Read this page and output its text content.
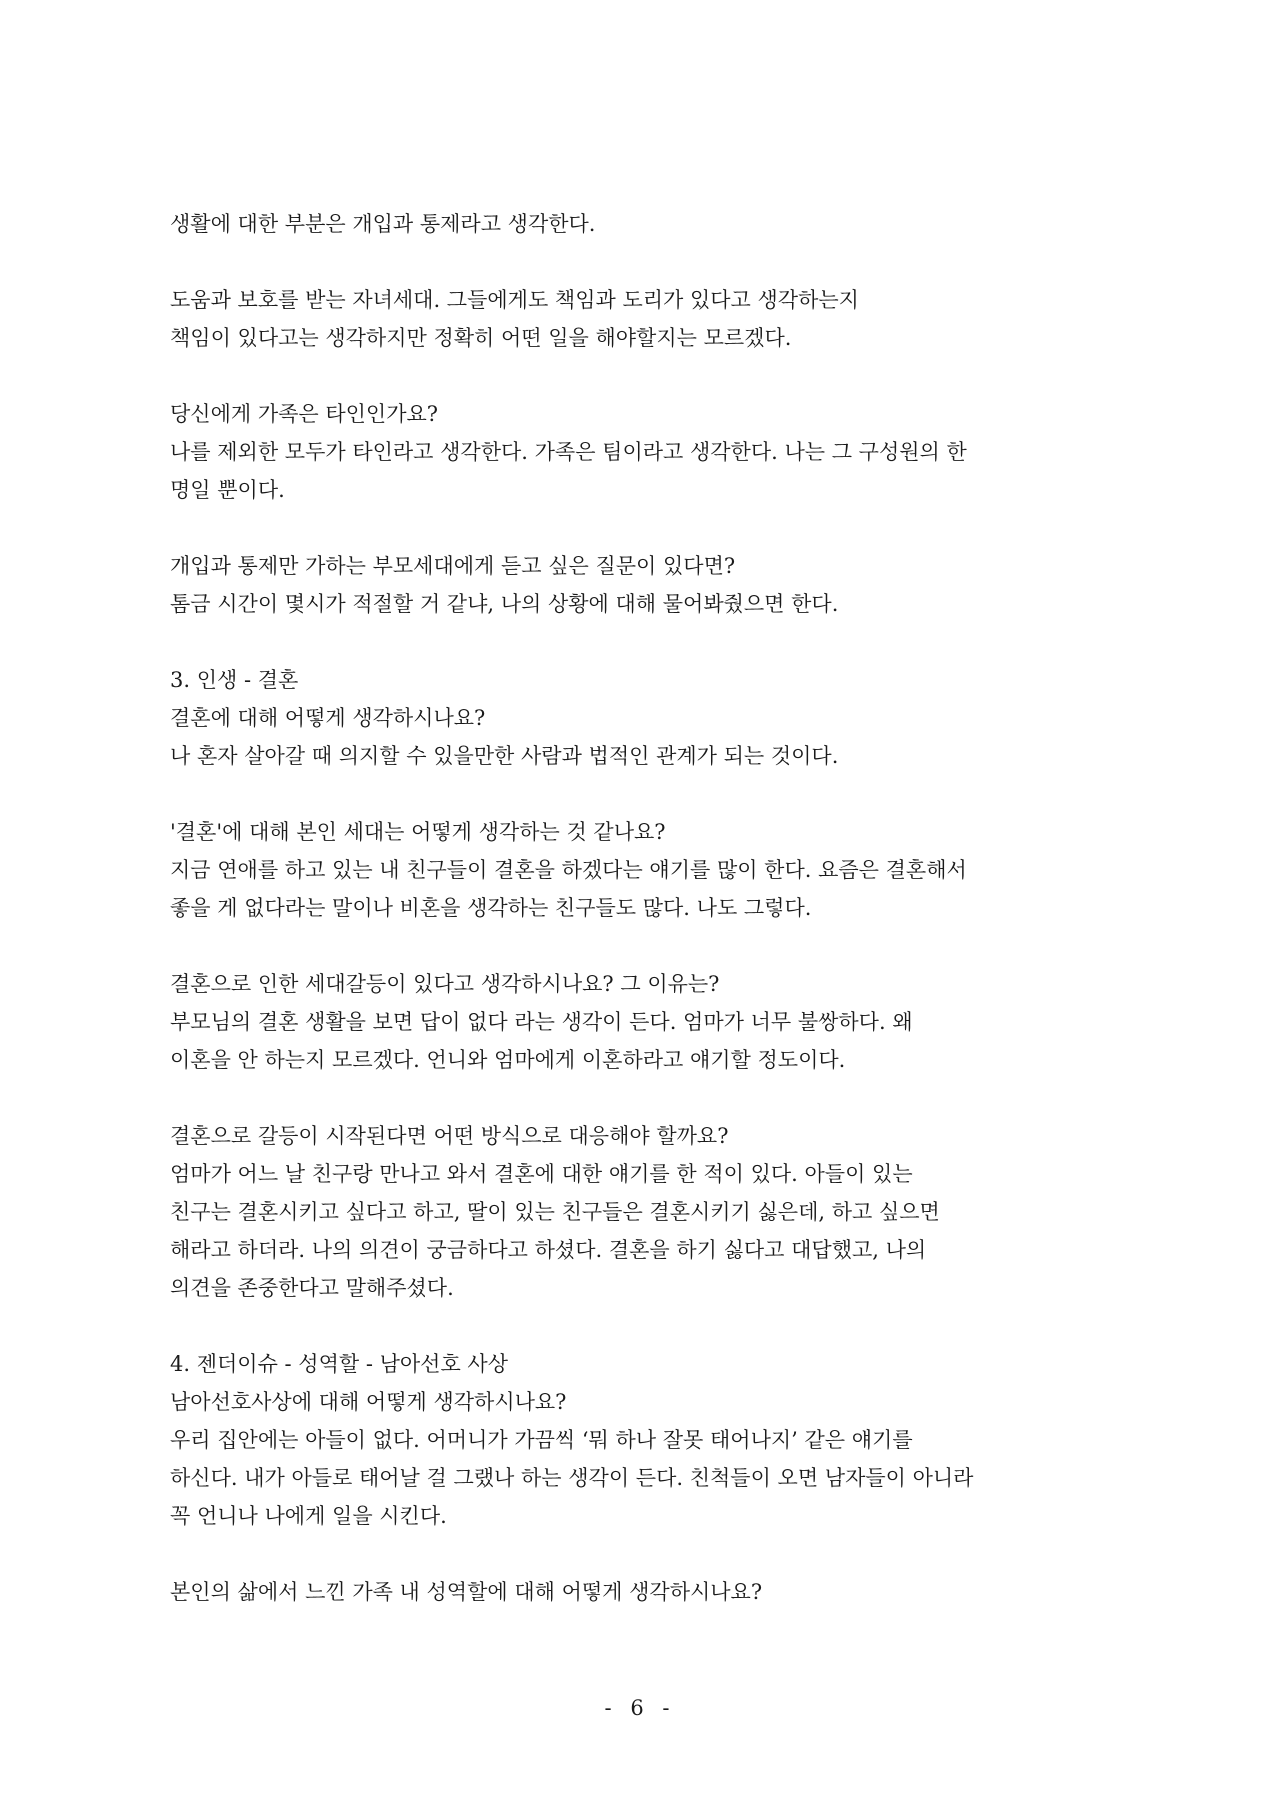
생활에 대한 부분은 개입과 통제라고 생각한다.
도움과 보호를 받는 자녀세대. 그들에게도 책임과 도리가 있다고 생각하는지
책임이 있다고는 생각하지만 정확히 어떤 일을 해야할지는 모르겠다.
당신에게 가족은 타인인가요?
나를 제외한 모두가 타인라고 생각한다. 가족은 팀이라고 생각한다. 나는 그 구성원의 한
명일 뿐이다.
개입과 통제만 가하는 부모세대에게 듣고 싶은 질문이 있다면?
톰금 시간이 몇시가 적절할 거 같냐, 나의 상황에 대해 물어봐줬으면 한다.
3. 인생 - 결혼
결혼에 대해 어떻게 생각하시나요?
나 혼자 살아갈 때 의지할 수 있을만한 사람과 법적인 관계가 되는 것이다.
'결혼'에 대해 본인 세대는 어떻게 생각하는 것 같나요?
지금 연애를 하고 있는 내 친구들이 결혼을 하겠다는 얘기를 많이 한다. 요즘은 결혼해서
좋을 게 없다라는 말이나 비혼을 생각하는 친구들도 많다. 나도 그렇다.
결혼으로 인한 세대갈등이 있다고 생각하시나요? 그 이유는?
부모님의 결혼 생활을 보면 답이 없다 라는 생각이 든다. 엄마가 너무 불쌍하다. 왜
이혼을 안 하는지 모르겠다. 언니와 엄마에게 이혼하라고 얘기할 정도이다.
결혼으로 갈등이 시작된다면 어떤 방식으로 대응해야 할까요?
엄마가 어느 날 친구랑 만나고 와서 결혼에 대한 얘기를 한 적이 있다. 아들이 있는
친구는 결혼시키고 싶다고 하고, 딸이 있는 친구들은 결혼시키기 싫은데, 하고 싶으면
해라고 하더라. 나의 의견이 궁금하다고 하셨다. 결혼을 하기 싫다고 대답했고, 나의
의견을 존중한다고 말해주셨다.
4. 젠더이슈 - 성역할 - 남아선호 사상
남아선호사상에 대해 어떻게 생각하시나요?
우리 집안에는 아들이 없다. 어머니가 가끔씩 ‘뭐 하나 잘못 태어나지’ 같은 얘기를
하신다. 내가 아들로 태어날 걸 그랬나 하는 생각이 든다. 친척들이 오면 남자들이 아니라
꼭 언니나 나에게 일을 시킨다.
본인의 삶에서 느낀 가족 내 성역할에 대해 어떻게 생각하시나요?
- 6 -
